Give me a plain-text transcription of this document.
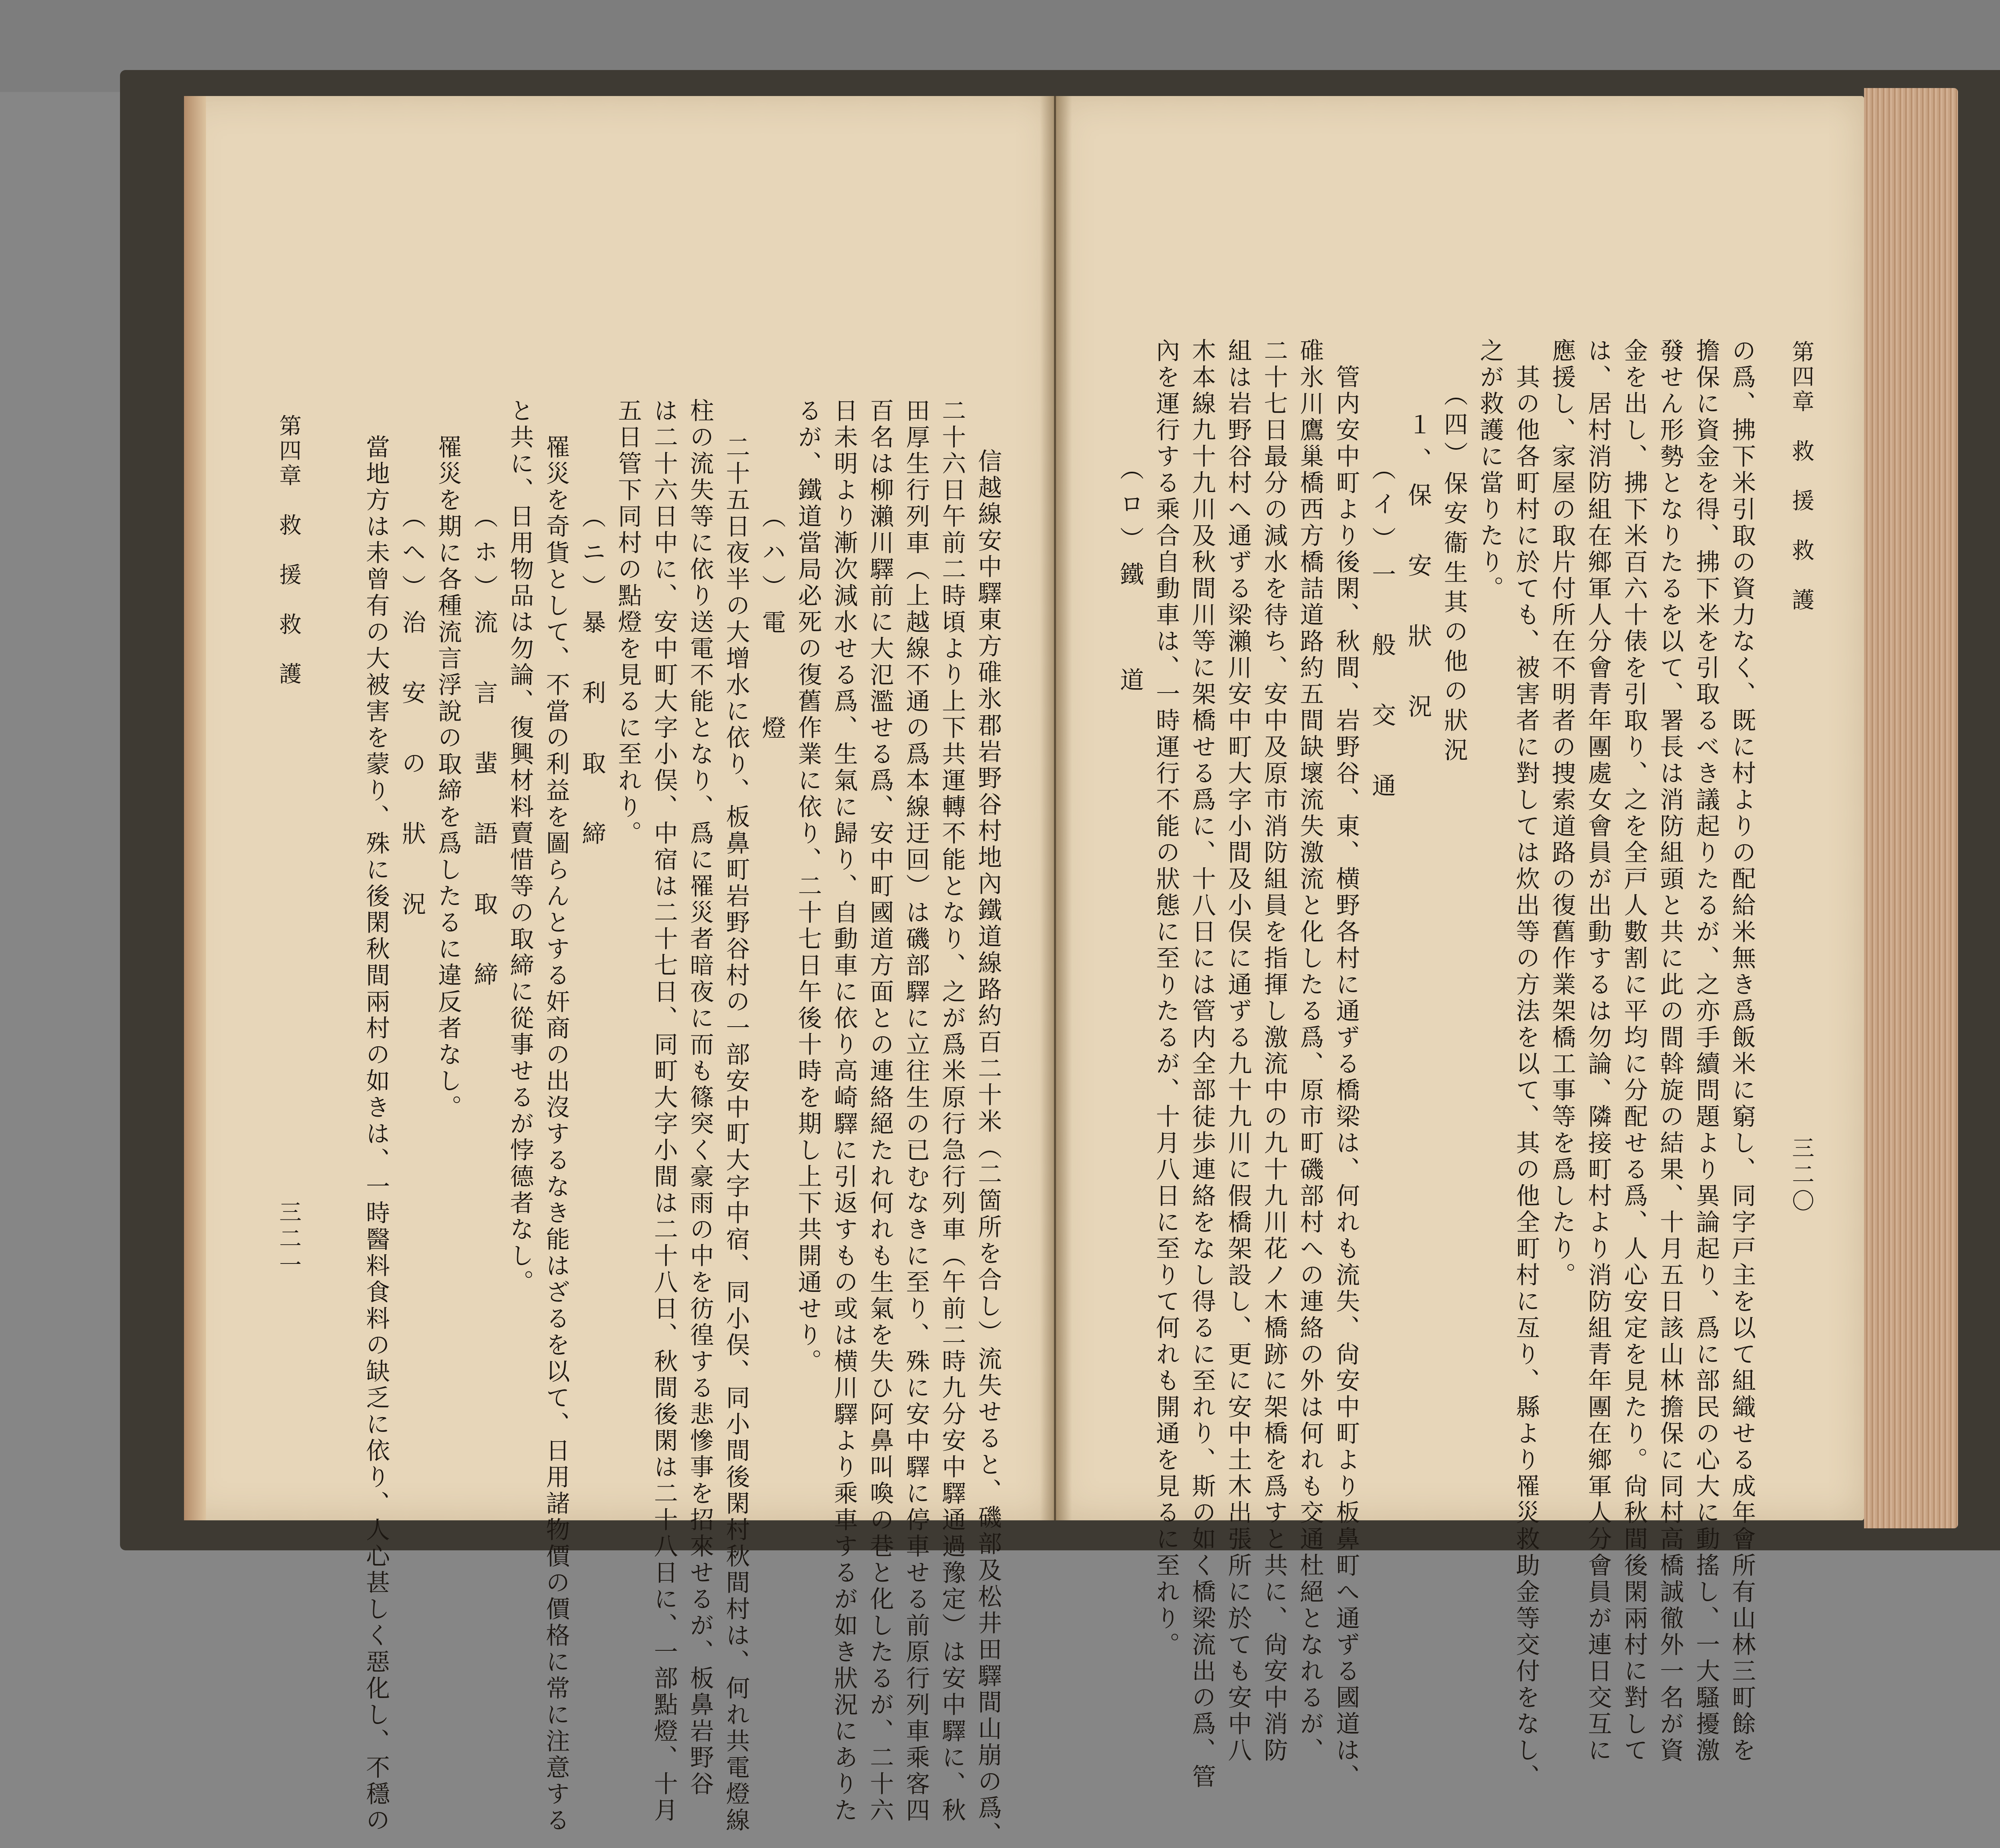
第四章　救　援　救　護
三二一	　信越線安中驛東方碓氷郡岩野谷村地內鐵道線路約百二十米（二箇所を合し）流失せると、磯部及松井田驛間山崩の爲、
二十六日午前二時頃より上下共運轉不能となり、之が爲米原行急行列車（午前二時九分安中驛通過豫定）は安中驛に、秋
田厚生行列車（上越線不通の爲本線迂回）は磯部驛に立往生の已むなきに至り、殊に安中驛に停車せる前原行列車乘客四
百名は柳瀨川驛前に大氾濫せる爲、安中町國道方面との連絡絕たれ何れも生氣を失ひ阿鼻叫喚の巷と化したるが、二十六
日未明より漸次減水せる爲、生氣に歸り、自動車に依り高崎驛に引返すもの或は横川驛より乘車するが如き狀況にありた
るが、鐵道當局必死の復舊作業に依り、二十七日午後十時を期し上下共開通せり。
（ハ）電　　燈
　二十五日夜半の大增水に依り、板鼻町岩野谷村の一部安中町大字中宿、同小俣、同小間後閑村秋間村は、何れ共電燈線
柱の流失等に依り送電不能となり、爲に罹災者暗夜に而も篠突く豪雨の中を彷徨する悲慘事を招來せるが、板鼻岩野谷
は二十六日中に、安中町大字小俣、中宿は二十七日、同町大字小間は二十八日、秋間後閑は二十八日に、一部點燈、十月
五日管下同村の點燈を見るに至れり。
（ニ）暴　利　取　締
　罹災を奇貨として、不當の利益を圖らんとする奸商の出沒するなき能はざるを以て、日用諸物價の價格に常に注意する
と共に、日用物品は勿論、復興材料賣惜等の取締に從事せるが悖德者なし。
（ホ）流　言　蜚　語　取　締
　罹災を期に各種流言浮說の取締を爲したるに違反者なし。
（ヘ）治　安　の　狀　況
　當地方は未曾有の大被害を蒙り、殊に後閑秋間兩村の如きは、一時醫料食料の缺乏に依り、人心甚しく惡化し、不穩の	第四章　救　援　救　護
三二〇
の爲、拂下米引取の資力なく、既に村よりの配給米無き爲飯米に窮し、同字戸主を以て組織せる成年會所有山林三町餘を
擔保に資金を得、拂下米を引取るべき議起りたるが、之亦手續問題より異論起り、爲に部民の心大に動搖し、一大騷擾激
發せん形勢となりたるを以て、署長は消防組頭と共に此の間斡旋の結果、十月五日該山林擔保に同村高橋誠徹外一名が資
金を出し、拂下米百六十俵を引取り、之を全戸人數割に平均に分配せる爲、人心安定を見たり。尙秋間後閑兩村に對して
は、居村消防組在鄉軍人分會青年團處女會員が出動するは勿論、隣接町村より消防組青年團在鄉軍人分會員が連日交互に
應援し、家屋の取片付所在不明者の捜索道路の復舊作業架橋工事等を爲したり。
　其の他各町村に於ても、被害者に對しては炊出等の方法を以て、其の他全町村に亙り、縣より罹災救助金等交付をなし、
之が救護に當りたり。
（四）保安衞生其の他の狀況
１、保　安　狀　況
（イ）一　般　交　通
　管内安中町より後閑、秋間、岩野谷、東、横野各村に通ずる橋梁は、何れも流失、尙安中町より板鼻町へ通ずる國道は、
碓氷川鷹巢橋西方橋詰道路約五間缺壞流失激流と化したる爲、原市町磯部村への連絡の外は何れも交通杜絕となれるが、
二十七日最分の減水を待ち、安中及原市消防組員を指揮し激流中の九十九川花ノ木橋跡に架橋を爲すと共に、尙安中消防
組は岩野谷村へ通ずる梁瀨川安中町大字小間及小俣に通ずる九十九川に假橋架設し、更に安中土木出張所に於ても安中八
木本線九十九川及秋間川等に架橋せる爲に、十八日には管内全部徒歩連絡をなし得るに至れり、斯の如く橋梁流出の爲、管
內を運行する乘合自動車は、一時運行不能の狀態に至りたるが、十月八日に至りて何れも開通を見るに至れり。
（ロ）鐵　　道
